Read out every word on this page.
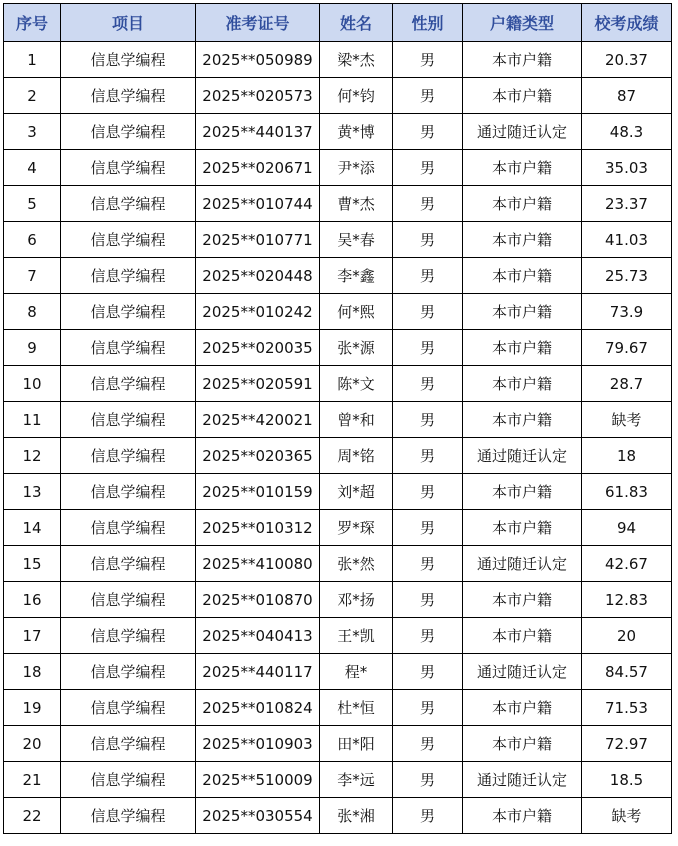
序号	项目	准考证号	姓名	性别	户籍类型	校考成绩
1	信息学编程	2025**050989	梁*杰	男	本市户籍	20.37
2	信息学编程	2025**020573	何*钧	男	本市户籍	87
3	信息学编程	2025**440137	黄*博	男	通过随迁认定	48.3
4	信息学编程	2025**020671	尹*添	男	本市户籍	35.03
5	信息学编程	2025**010744	曹*杰	男	本市户籍	23.37
6	信息学编程	2025**010771	吴*春	男	本市户籍	41.03
7	信息学编程	2025**020448	李*鑫	男	本市户籍	25.73
8	信息学编程	2025**010242	何*熙	男	本市户籍	73.9
9	信息学编程	2025**020035	张*源	男	本市户籍	79.67
10	信息学编程	2025**020591	陈*文	男	本市户籍	28.7
11	信息学编程	2025**420021	曾*和	男	本市户籍	缺考
12	信息学编程	2025**020365	周*铭	男	通过随迁认定	18
13	信息学编程	2025**010159	刘*超	男	本市户籍	61.83
14	信息学编程	2025**010312	罗*琛	男	本市户籍	94
15	信息学编程	2025**410080	张*然	男	通过随迁认定	42.67
16	信息学编程	2025**010870	邓*扬	男	本市户籍	12.83
17	信息学编程	2025**040413	王*凯	男	本市户籍	20
18	信息学编程	2025**440117	程*	男	通过随迁认定	84.57
19	信息学编程	2025**010824	杜*恒	男	本市户籍	71.53
20	信息学编程	2025**010903	田*阳	男	本市户籍	72.97
21	信息学编程	2025**510009	李*远	男	通过随迁认定	18.5
22	信息学编程	2025**030554	张*湘	男	本市户籍	缺考
